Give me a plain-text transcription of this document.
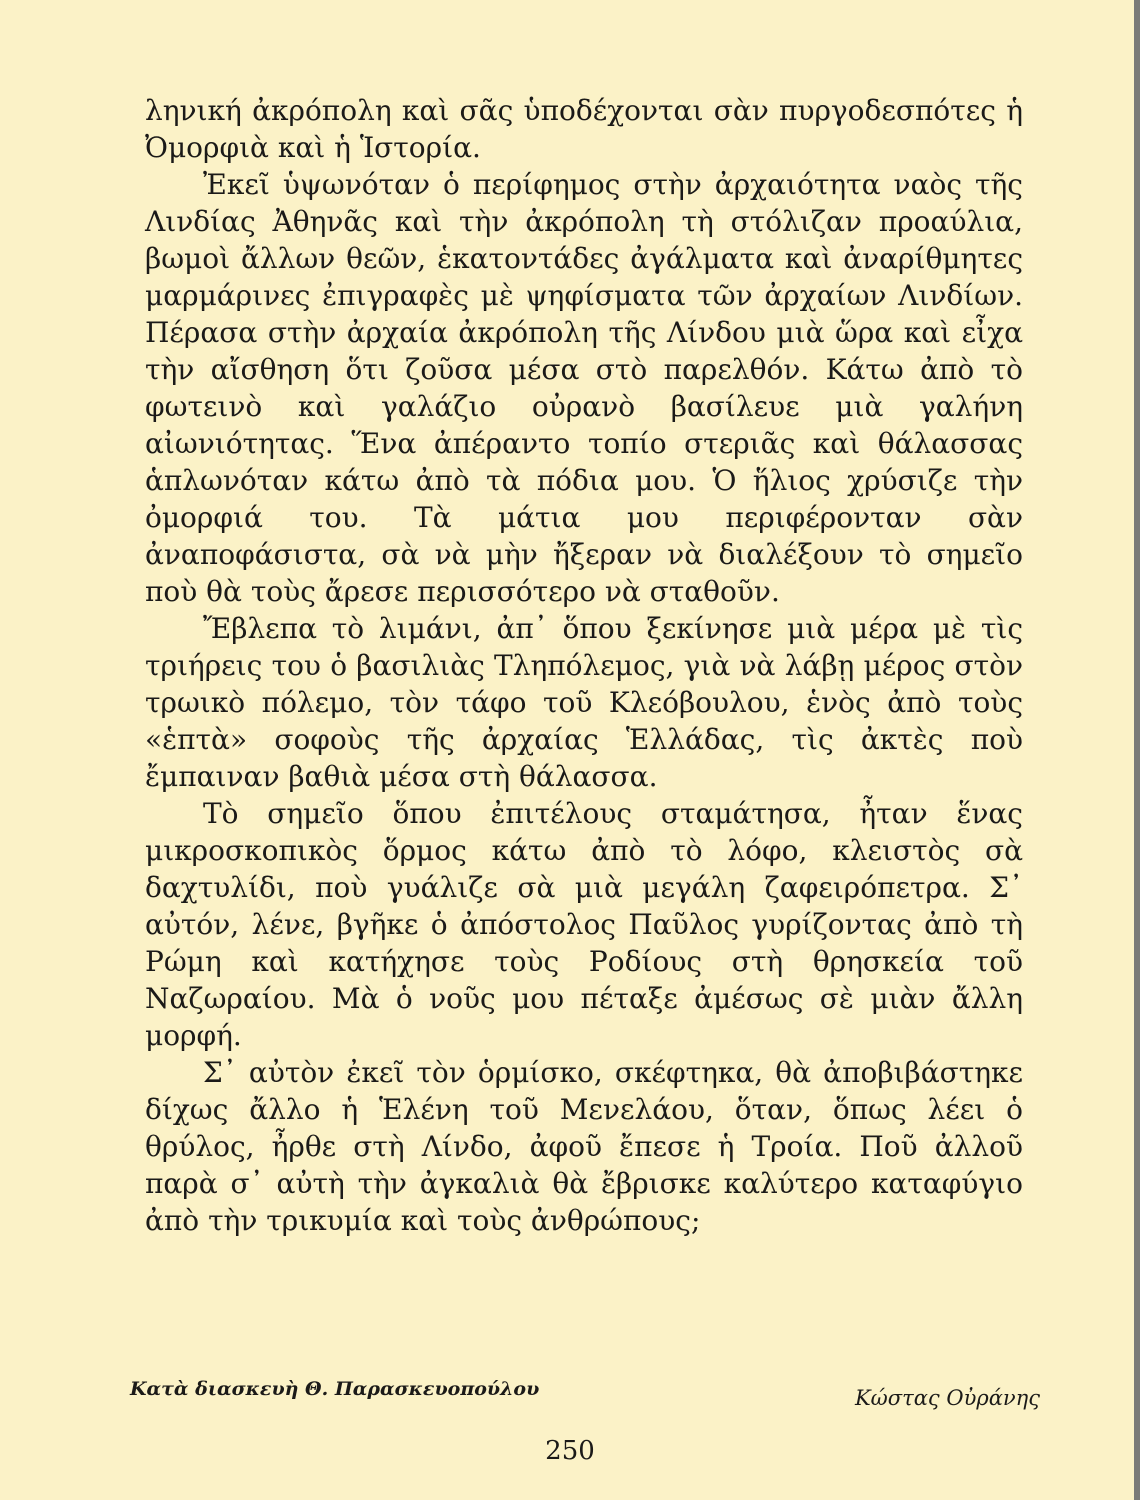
ληνική ἀκρόπολη καὶ σᾶς ὑποδέχονται σὰν πυργοδεσπότες ἡ Ὀμορφιὰ καὶ ἡ Ἱστορία.

Ἐκεῖ ὑψωνόταν ὁ περίφημος στὴν ἀρχαιότητα ναὸς τῆς Λινδίας Ἀθηνᾶς καὶ τὴν ἀκρόπολη τὴ στόλιζαν προαύλια, βωμοὶ ἄλλων θεῶν, ἑκατοντάδες ἀγάλματα καὶ ἀναρίθμητες μαρμάρινες ἐπιγραφὲς μὲ ψηφίσματα τῶν ἀρχαίων Λινδίων. Πέρασα στὴν ἀρχαία ἀκρόπολη τῆς Λίνδου μιὰ ὥρα καὶ εἶχα τὴν αἴσθηση ὅτι ζοῦσα μέσα στὸ παρελθόν. Κάτω ἀπὸ τὸ φωτεινὸ καὶ γαλάζιο οὐρανὸ βασίλευε μιὰ γαλήνη αἰωνιότητας. Ἕνα ἀπέραντο τοπίο στεριᾶς καὶ θάλασσας ἁπλωνόταν κάτω ἀπὸ τὰ πόδια μου. Ὁ ἥλιος χρύσιζε τὴν ὀμορφιά του. Τὰ μάτια μου περιφέρονταν σὰν ἀναποφάσιστα, σὰ νὰ μὴν ἤξεραν νὰ διαλέξουν τὸ σημεῖο ποὺ θὰ τοὺς ἄρεσε περισσότερο νὰ σταθοῦν.

Ἔβλεπα τὸ λιμάνι, ἀπ᾽ ὅπου ξεκίνησε μιὰ μέρα μὲ τὶς τριήρεις του ὁ βασιλιὰς Τληπόλεμος, γιὰ νὰ λάβῃ μέρος στὸν τρωικὸ πόλεμο, τὸν τάφο τοῦ Κλεόβουλου, ἑνὸς ἀπὸ τοὺς «ἑπτὰ» σοφοὺς τῆς ἀρχαίας Ἑλλάδας, τὶς ἀκτὲς ποὺ ἔμπαιναν βαθιὰ μέσα στὴ θάλασσα.

Τὸ σημεῖο ὅπου ἐπιτέλους σταμάτησα, ἦταν ἕνας μικροσκοπικὸς ὅρμος κάτω ἀπὸ τὸ λόφο, κλειστὸς σὰ δαχτυλίδι, ποὺ γυάλιζε σὰ μιὰ μεγάλη ζαφειρόπετρα. Σ᾽ αὐτόν, λένε, βγῆκε ὁ ἀπόστολος Παῦλος γυρίζοντας ἀπὸ τὴ Ρώμη καὶ κατήχησε τοὺς Ροδίους στὴ θρησκεία τοῦ Ναζωραίου. Μὰ ὁ νοῦς μου πέταξε ἀμέσως σὲ μιὰν ἄλλη μορφή.

Σ᾽ αὐτὸν ἐκεῖ τὸν ὁρμίσκο, σκέφτηκα, θὰ ἀποβιβάστηκε δίχως ἄλλο ἡ Ἑλένη τοῦ Μενελάου, ὅταν, ὅπως λέει ὁ θρύλος, ἦρθε στὴ Λίνδο, ἀφοῦ ἔπεσε ἡ Τροία. Ποῦ ἀλλοῦ παρὰ σ᾽ αὐτὴ τὴν ἀγκαλιὰ θὰ ἔβρισκε καλύτερο καταφύγιο ἀπὸ τὴν τρικυμία καὶ τοὺς ἀνθρώπους;

Κατὰ διασκευὴ Θ. Παρασκευοπούλου	Κώστας Οὐράνης
250
